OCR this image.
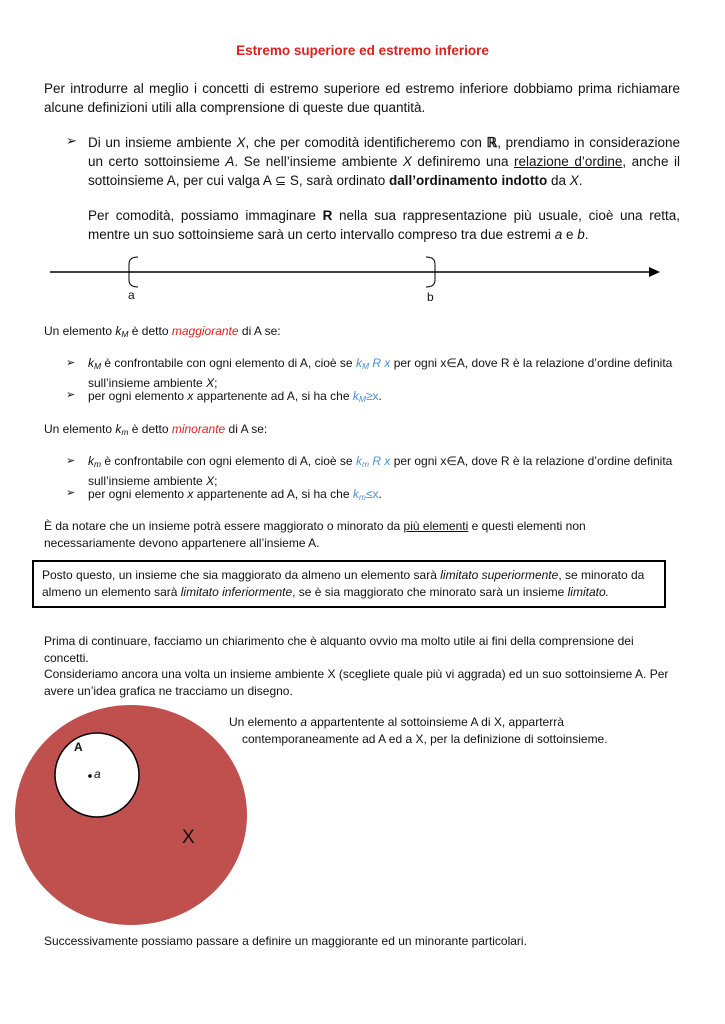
Estremo superiore ed estremo inferiore
Per introdurre al meglio i concetti di estremo superiore ed estremo inferiore dobbiamo prima richiamare alcune definizioni utili alla comprensione di queste due quantità.
➢ Di un insieme ambiente X, che per comodità identificheremo con ℝ, prendiamo in considerazione un certo sottoinsieme A. Se nell’insieme ambiente X definiremo una relazione d’ordine, anche il sottoinsieme A, per cui valga A ⊆ S, sarà ordinato dall’ordinamento indotto da X.
Per comodità, possiamo immaginare R nella sua rappresentazione più usuale, cioè una retta, mentre un suo sottoinsieme sarà un certo intervallo compreso tra due estremi a e b.
a	b
Un elemento $k_M$ è detto maggiorante di A se:
➢ $k_M$ è confrontabile con ogni elemento di A, cioè se $k_M$ R x per ogni x∈A, dove R è la relazione d’ordine definita sull’insieme ambiente X;
➢ per ogni elemento x appartenente ad A, si ha che $k_M\ge x$.
Un elemento $k_m$ è detto minorante di A se:
➢ $k_m$ è confrontabile con ogni elemento di A, cioè se $k_m$ R x per ogni x∈A, dove R è la relazione d’ordine definita sull’insieme ambiente X;
➢ per ogni elemento x appartenente ad A, si ha che $k_m\le x$.
È da notare che un insieme potrà essere maggiorato o minorato da più elementi e questi elementi non necessariamente devono appartenere all’insieme A.
Posto questo, un insieme che sia maggiorato da almeno un elemento sarà limitato superiormente, se minorato da almeno un elemento sarà limitato inferiormente, se è sia maggiorato che minorato sarà un insieme limitato.
Prima di continuare, facciamo un chiarimento che è alquanto ovvio ma molto utile ai fini della comprensione dei concetti.
Consideriamo ancora una volta un insieme ambiente X (scegliete quale più vi aggrada) ed un suo sottoinsieme A. Per avere un’idea grafica ne tracciamo un disegno.
A
a
X
Un elemento a appartentente al sottoinsieme A di X, apparterrà
contemporaneamente ad A ed a X, per la definizione di sottoinsieme.
Successivamente possiamo passare a definire un maggiorante ed un minorante particolari.
